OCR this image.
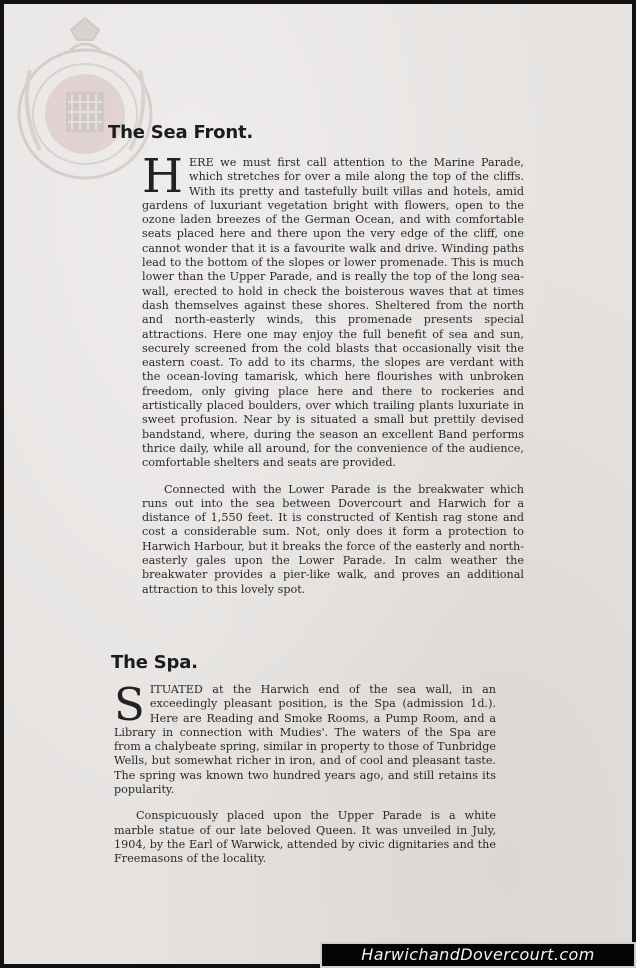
The Sea Front.

HERE we must first call attention to the Marine Parade, which stretches for over a mile along the top of the cliffs. With its pretty and tastefully built villas and hotels, amid gardens of luxuriant vegetation bright with flowers, open to the ozone laden breezes of the German Ocean, and with comfortable seats placed here and there upon the very edge of the cliff, one cannot wonder that it is a favourite walk and drive. Winding paths lead to the bottom of the slopes or lower promenade. This is much lower than the Upper Parade, and is really the top of the long sea-wall, erected to hold in check the boisterous waves that at times dash themselves against these shores. Sheltered from the north and north-easterly winds, this promenade presents special attractions. Here one may enjoy the full benefit of sea and sun, securely screened from the cold blasts that occasionally visit the eastern coast. To add to its charms, the slopes are verdant with the ocean-loving tamarisk, which here flourishes with unbroken freedom, only giving place here and there to rockeries and artistically placed boulders, over which trailing plants luxuriate in sweet profusion. Near by is situated a small but prettily devised bandstand, where, during the season an excellent Band performs thrice daily, while all around, for the convenience of the audience, comfortable shelters and seats are provided.

Connected with the Lower Parade is the breakwater which runs out into the sea between Dovercourt and Harwich for a distance of 1,550 feet. It is constructed of Kentish rag stone and cost a considerable sum. Not, only does it form a protection to Harwich Harbour, but it breaks the force of the easterly and north-easterly gales upon the Lower Parade. In calm weather the breakwater provides a pier-like walk, and proves an additional attraction to this lovely spot.

The Spa.

SITUATED at the Harwich end of the sea wall, in an exceedingly pleasant position, is the Spa (admission 1d.). Here are Reading and Smoke Rooms, a Pump Room, and a Library in connection with Mudies'. The waters of the Spa are from a chalybeate spring, similar in property to those of Tunbridge Wells, but somewhat richer in iron, and of cool and pleasant taste. The spring was known two hundred years ago, and still retains its popularity.

Conspicuously placed upon the Upper Parade is a white marble statue of our late beloved Queen. It was unveiled in July, 1904, by the Earl of Warwick, attended by civic dignitaries and the Freemasons of the locality.

HarwichandDovercourt.com
